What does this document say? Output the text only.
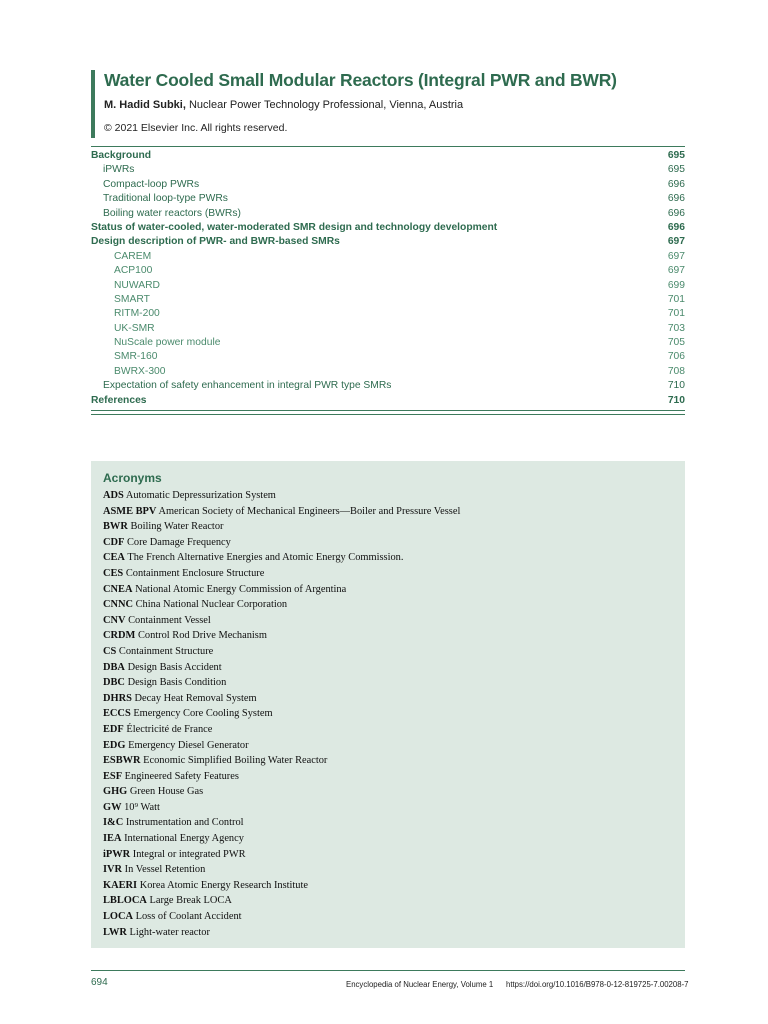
Water Cooled Small Modular Reactors (Integral PWR and BWR)
M. Hadid Subki, Nuclear Power Technology Professional, Vienna, Austria
© 2021 Elsevier Inc. All rights reserved.
Background	695
iPWRs	695
Compact-loop PWRs	696
Traditional loop-type PWRs	696
Boiling water reactors (BWRs)	696
Status of water-cooled, water-moderated SMR design and technology development	696
Design description of PWR- and BWR-based SMRs	697
CAREM	697
ACP100	697
NUWARD	699
SMART	701
RITM-200	701
UK-SMR	703
NuScale power module	705
SMR-160	706
BWRX-300	708
Expectation of safety enhancement in integral PWR type SMRs	710
References	710
Acronyms
ADS Automatic Depressurization System
ASME BPV American Society of Mechanical Engineers—Boiler and Pressure Vessel
BWR Boiling Water Reactor
CDF Core Damage Frequency
CEA The French Alternative Energies and Atomic Energy Commission.
CES Containment Enclosure Structure
CNEA National Atomic Energy Commission of Argentina
CNNC China National Nuclear Corporation
CNV Containment Vessel
CRDM Control Rod Drive Mechanism
CS Containment Structure
DBA Design Basis Accident
DBC Design Basis Condition
DHRS Decay Heat Removal System
ECCS Emergency Core Cooling System
EDF Électricité de France
EDG Emergency Diesel Generator
ESBWR Economic Simplified Boiling Water Reactor
ESF Engineered Safety Features
GHG Green House Gas
GW 10⁹ Watt
I&C Instrumentation and Control
IEA International Energy Agency
iPWR Integral or integrated PWR
IVR In Vessel Retention
KAERI Korea Atomic Energy Research Institute
LBLOCA Large Break LOCA
LOCA Loss of Coolant Accident
LWR Light-water reactor
694	Encyclopedia of Nuclear Energy, Volume 1 https://doi.org/10.1016/B978-0-12-819725-7.00208-7
